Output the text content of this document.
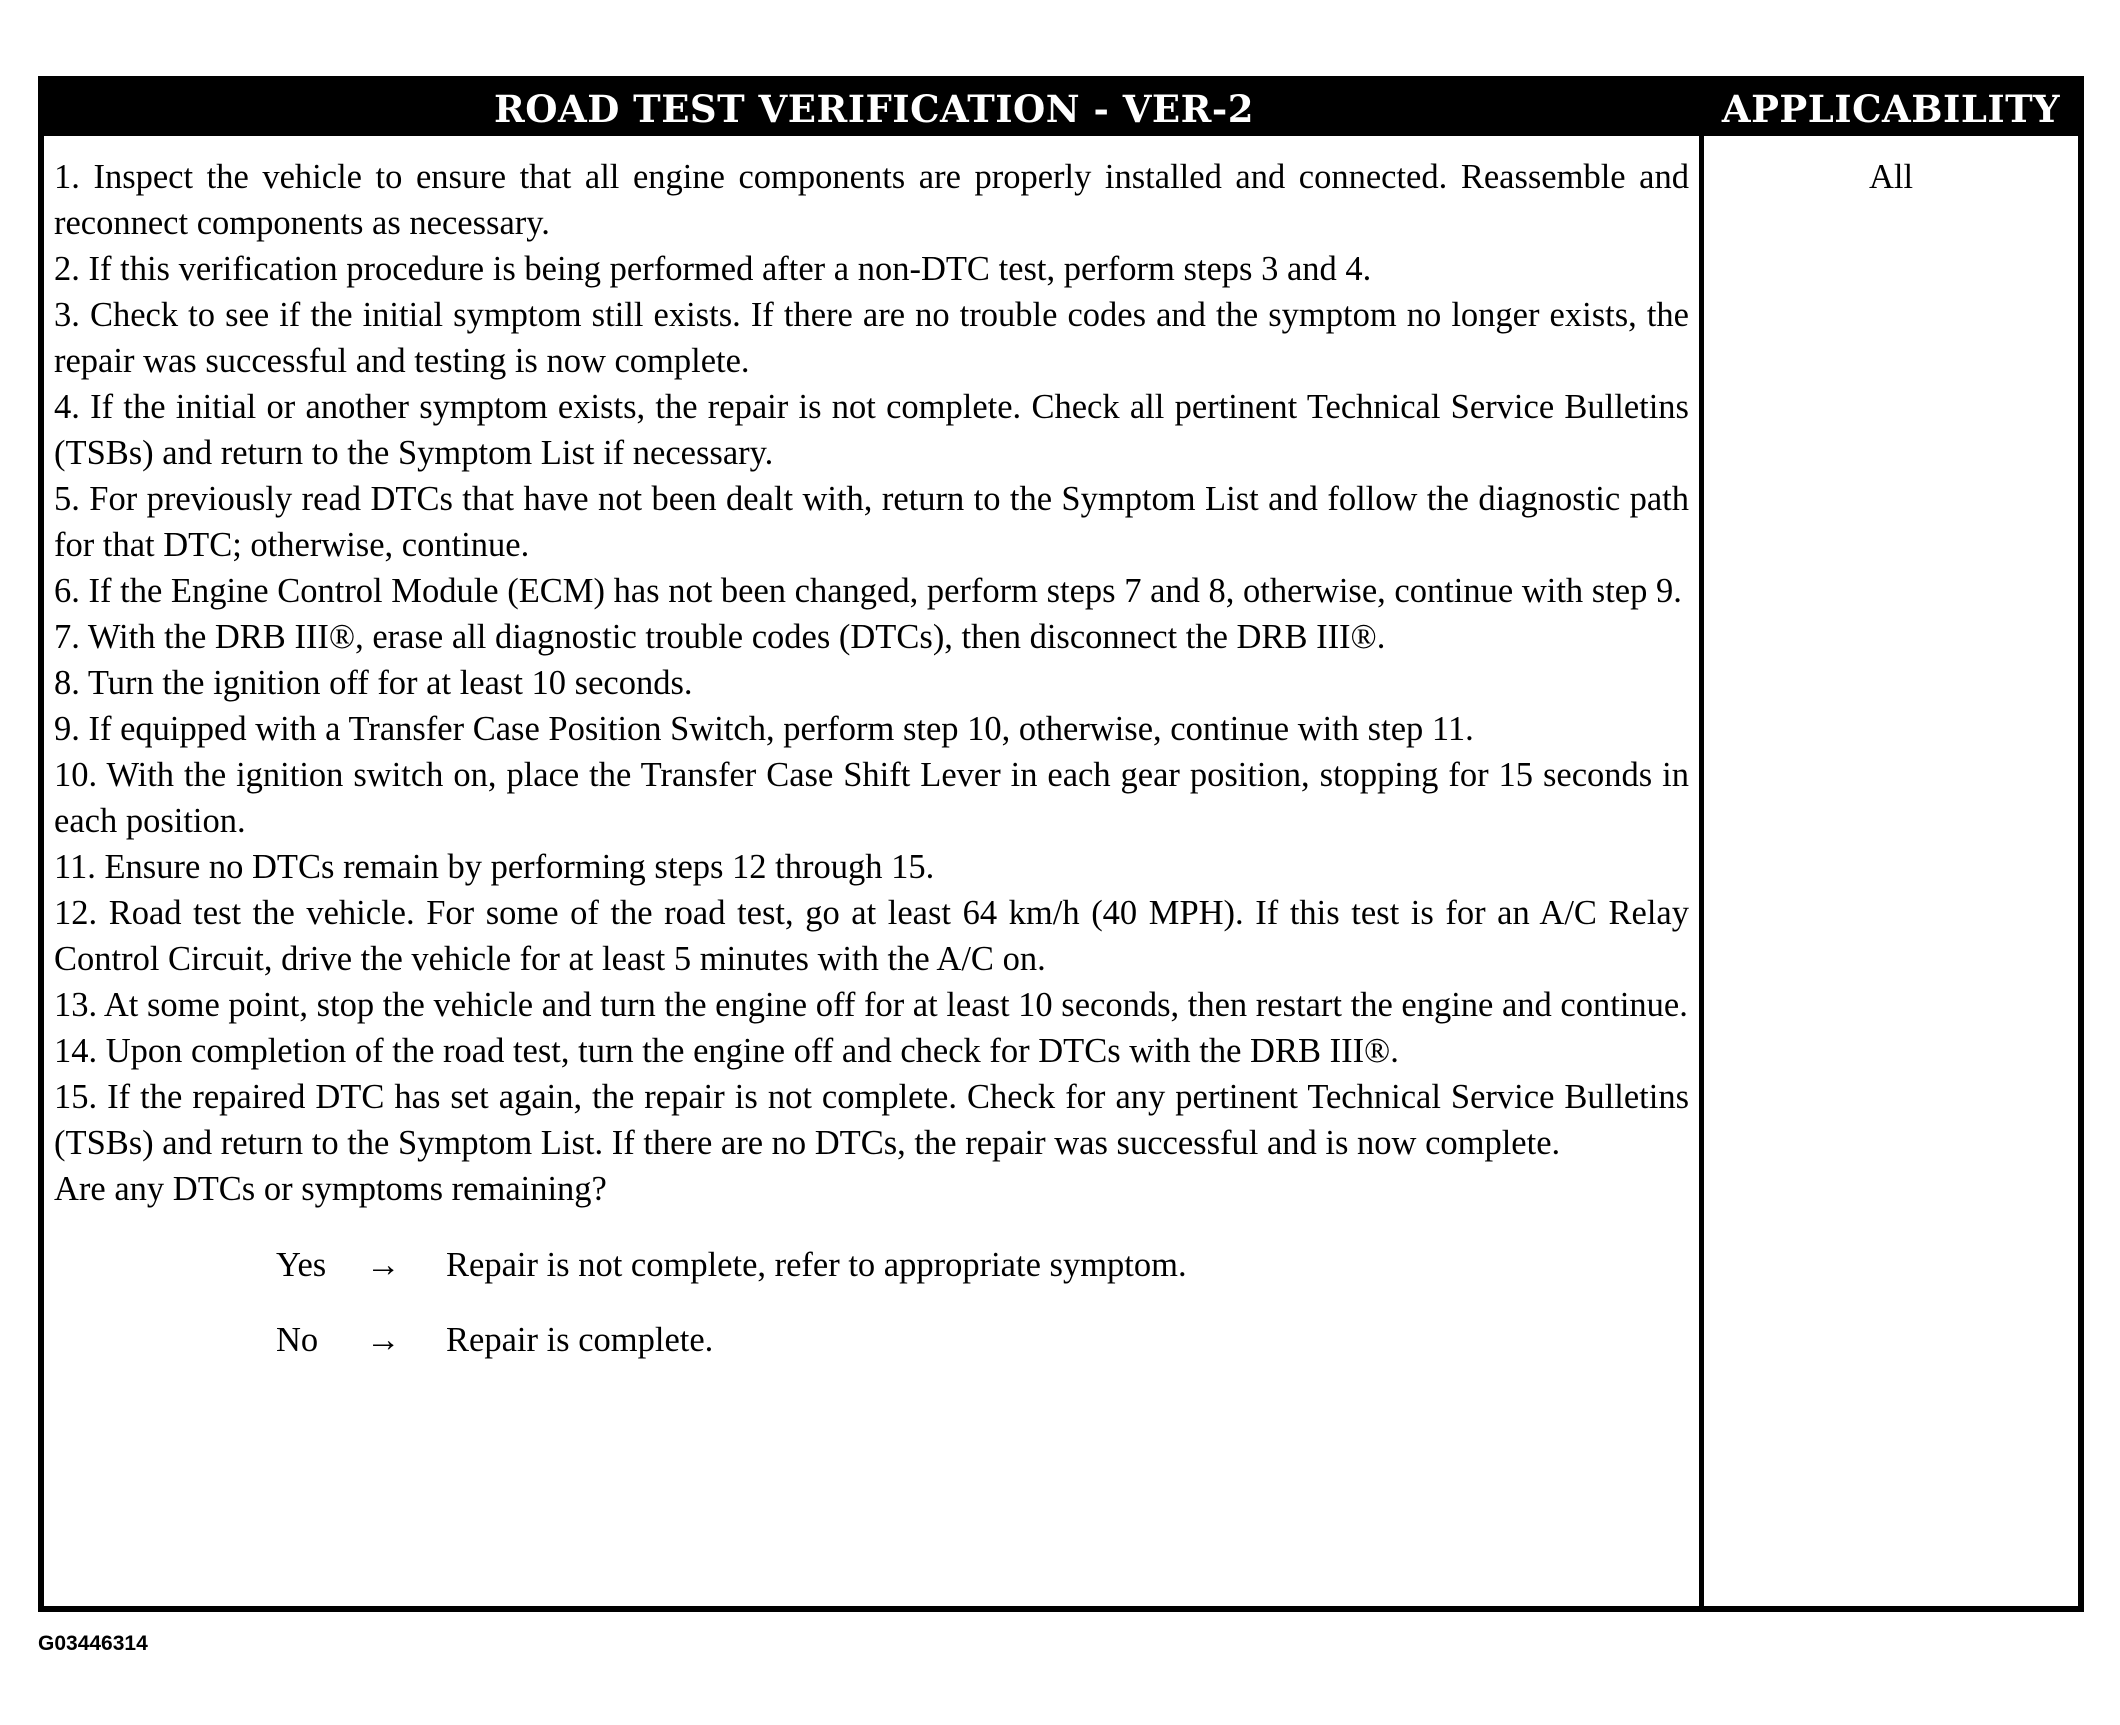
ROAD TEST VERIFICATION - VER-2	APPLICABILITY

1. Inspect the vehicle to ensure that all engine components are properly installed and connected. Reassemble and reconnect components as necessary.

2. If this verification procedure is being performed after a non-DTC test, perform steps 3 and 4.

3. Check to see if the initial symptom still exists. If there are no trouble codes and the symptom no longer exists, the repair was successful and testing is now complete.

4. If the initial or another symptom exists, the repair is not complete. Check all pertinent Technical Service Bulletins (TSBs) and return to the Symptom List if necessary.

5. For previously read DTCs that have not been dealt with, return to the Symptom List and follow the diagnostic path for that DTC; otherwise, continue.

6. If the Engine Control Module (ECM) has not been changed, perform steps 7 and 8, otherwise, continue with step 9.

7. With the DRB III®, erase all diagnostic trouble codes (DTCs), then disconnect the DRB III®.

8. Turn the ignition off for at least 10 seconds.

9. If equipped with a Transfer Case Position Switch, perform step 10, otherwise, continue with step 11.

10. With the ignition switch on, place the Transfer Case Shift Lever in each gear position, stopping for 15 seconds in each position.

11. Ensure no DTCs remain by performing steps 12 through 15.

12. Road test the vehicle. For some of the road test, go at least 64 km/h (40 MPH). If this test is for an A/C Relay Control Circuit, drive the vehicle for at least 5 minutes with the A/C on.

13. At some point, stop the vehicle and turn the engine off for at least 10 seconds, then restart the engine and continue.

14. Upon completion of the road test, turn the engine off and check for DTCs with the DRB III®.

15. If the repaired DTC has set again, the repair is not complete. Check for any pertinent Technical Service Bulletins (TSBs) and return to the Symptom List. If there are no DTCs, the repair was successful and is now complete.

Are any DTCs or symptoms remaining?

Yes	→	Repair is not complete, refer to appropriate symptom.
No	→	Repair is complete.
All
G03446314
